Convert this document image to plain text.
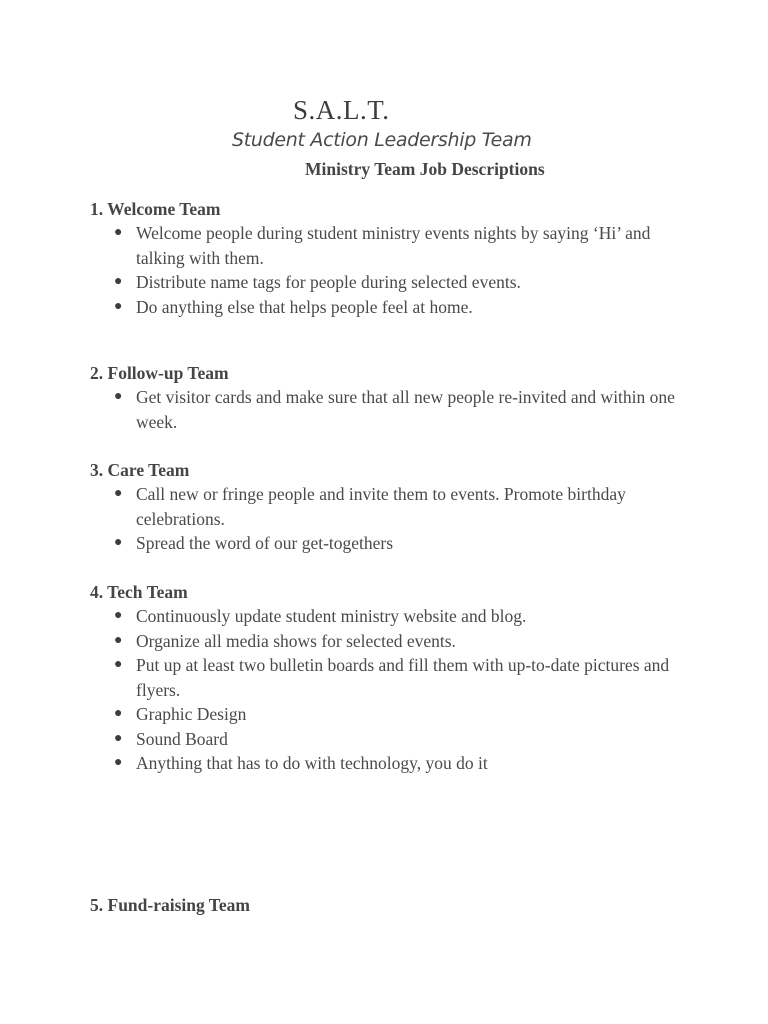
S.A.L.T.
Student Action Leadership Team
Ministry Team Job Descriptions
1. Welcome Team
● Welcome people during student ministry events nights by saying ‘Hi’ and talking with them.
● Distribute name tags for people during selected events.
● Do anything else that helps people feel at home.
2. Follow-up Team
● Get visitor cards and make sure that all new people re-invited and within one week.
3. Care Team
● Call new or fringe people and invite them to events. Promote birthday celebrations.
● Spread the word of our get-togethers
4. Tech Team
● Continuously update student ministry website and blog.
● Organize all media shows for selected events.
● Put up at least two bulletin boards and fill them with up-to-date pictures and flyers.
● Graphic Design
● Sound Board
● Anything that has to do with technology, you do it
5. Fund-raising Team
